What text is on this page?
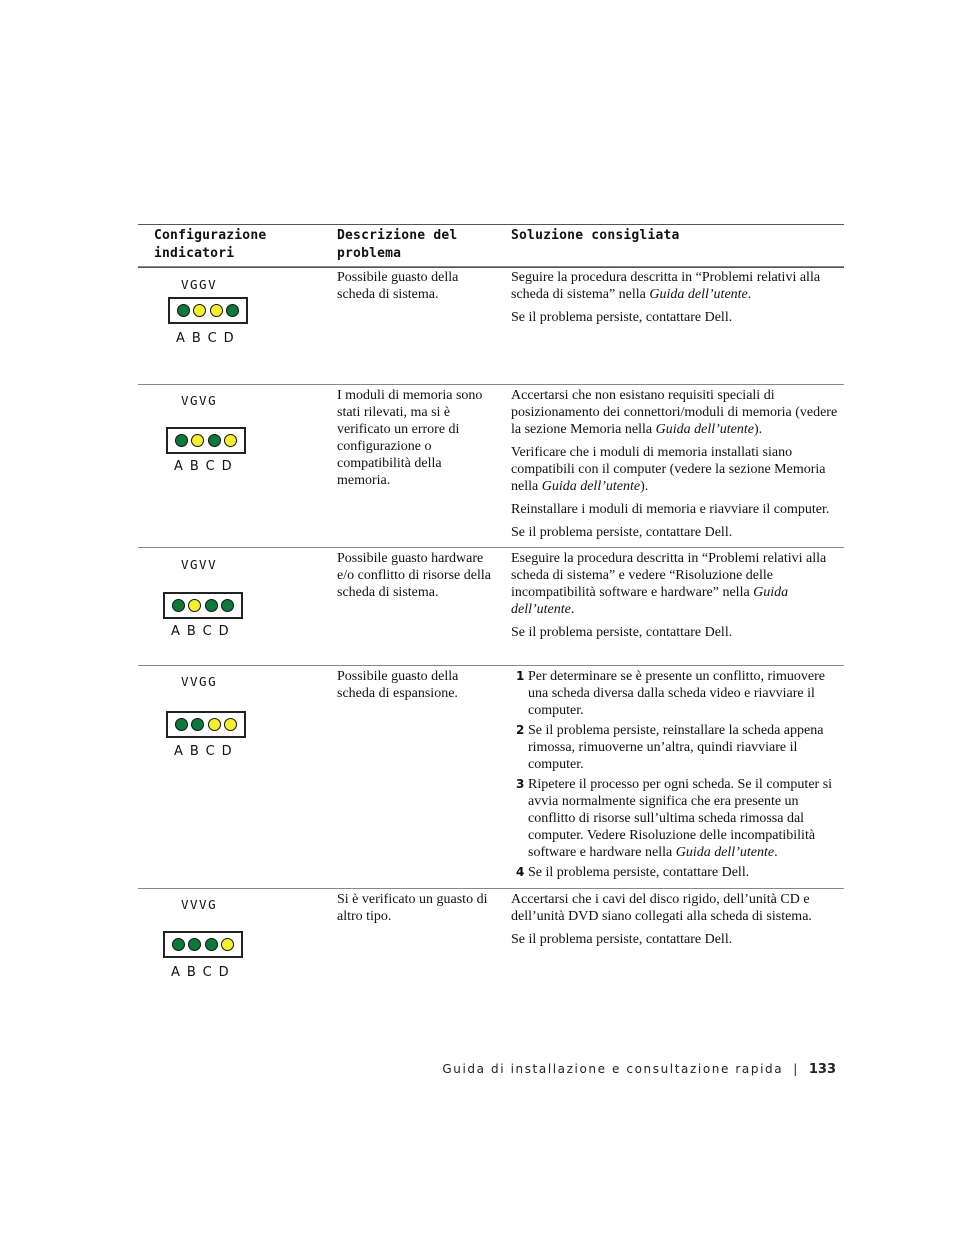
Configurazione
indicatori
Descrizione del
problema
Soluzione consigliata
VGGV
ABCD
Possibile guasto della scheda di sistema.

Seguire la procedura descritta in “Problemi relativi alla scheda di sistema” nella Guida dell’utente.

Se il problema persiste, contattare Dell.

VGVG
ABCD
I moduli di memoria sono stati rilevati, ma si è verificato un errore di configurazione o compatibilità della memoria.

Accertarsi che non esistano requisiti speciali di posizionamento dei connettori/moduli di memoria (vedere la sezione Memoria nella Guida dell’utente).

Verificare che i moduli di memoria installati siano compatibili con il computer (vedere la sezione Memoria nella Guida dell’utente).

Reinstallare i moduli di memoria e riavviare il computer.

Se il problema persiste, contattare Dell.

VGVV
ABCD
Possibile guasto hardware e/o conflitto di risorse della scheda di sistema.

Eseguire la procedura descritta in “Problemi relativi alla scheda di sistema” e vedere “Risoluzione delle incompatibilità software e hardware” nella Guida dell’utente.

Se il problema persiste, contattare Dell.

VVGG
ABCD
Possibile guasto della scheda di espansione.
1 Per determinare se è presente un conflitto, rimuovere una scheda diversa dalla scheda video e riavviare il computer.
2 Se il problema persiste, reinstallare la scheda appena rimossa, rimuoverne un’altra, quindi riavviare il computer.
3 Ripetere il processo per ogni scheda. Se il computer si avvia normalmente significa che era presente un conflitto di risorse sull’ultima scheda rimossa dal computer. Vedere Risoluzione delle incompatibilità software e hardware nella Guida dell’utente.
4 Se il problema persiste, contattare Dell.
VVVG
ABCD
Si è verificato un guasto di altro tipo.

Accertarsi che i cavi del disco rigido, dell’unità CD e dell’unità DVD siano collegati alla scheda di sistema.

Se il problema persiste, contattare Dell.

Guida di installazione e consultazione rapida | 133
